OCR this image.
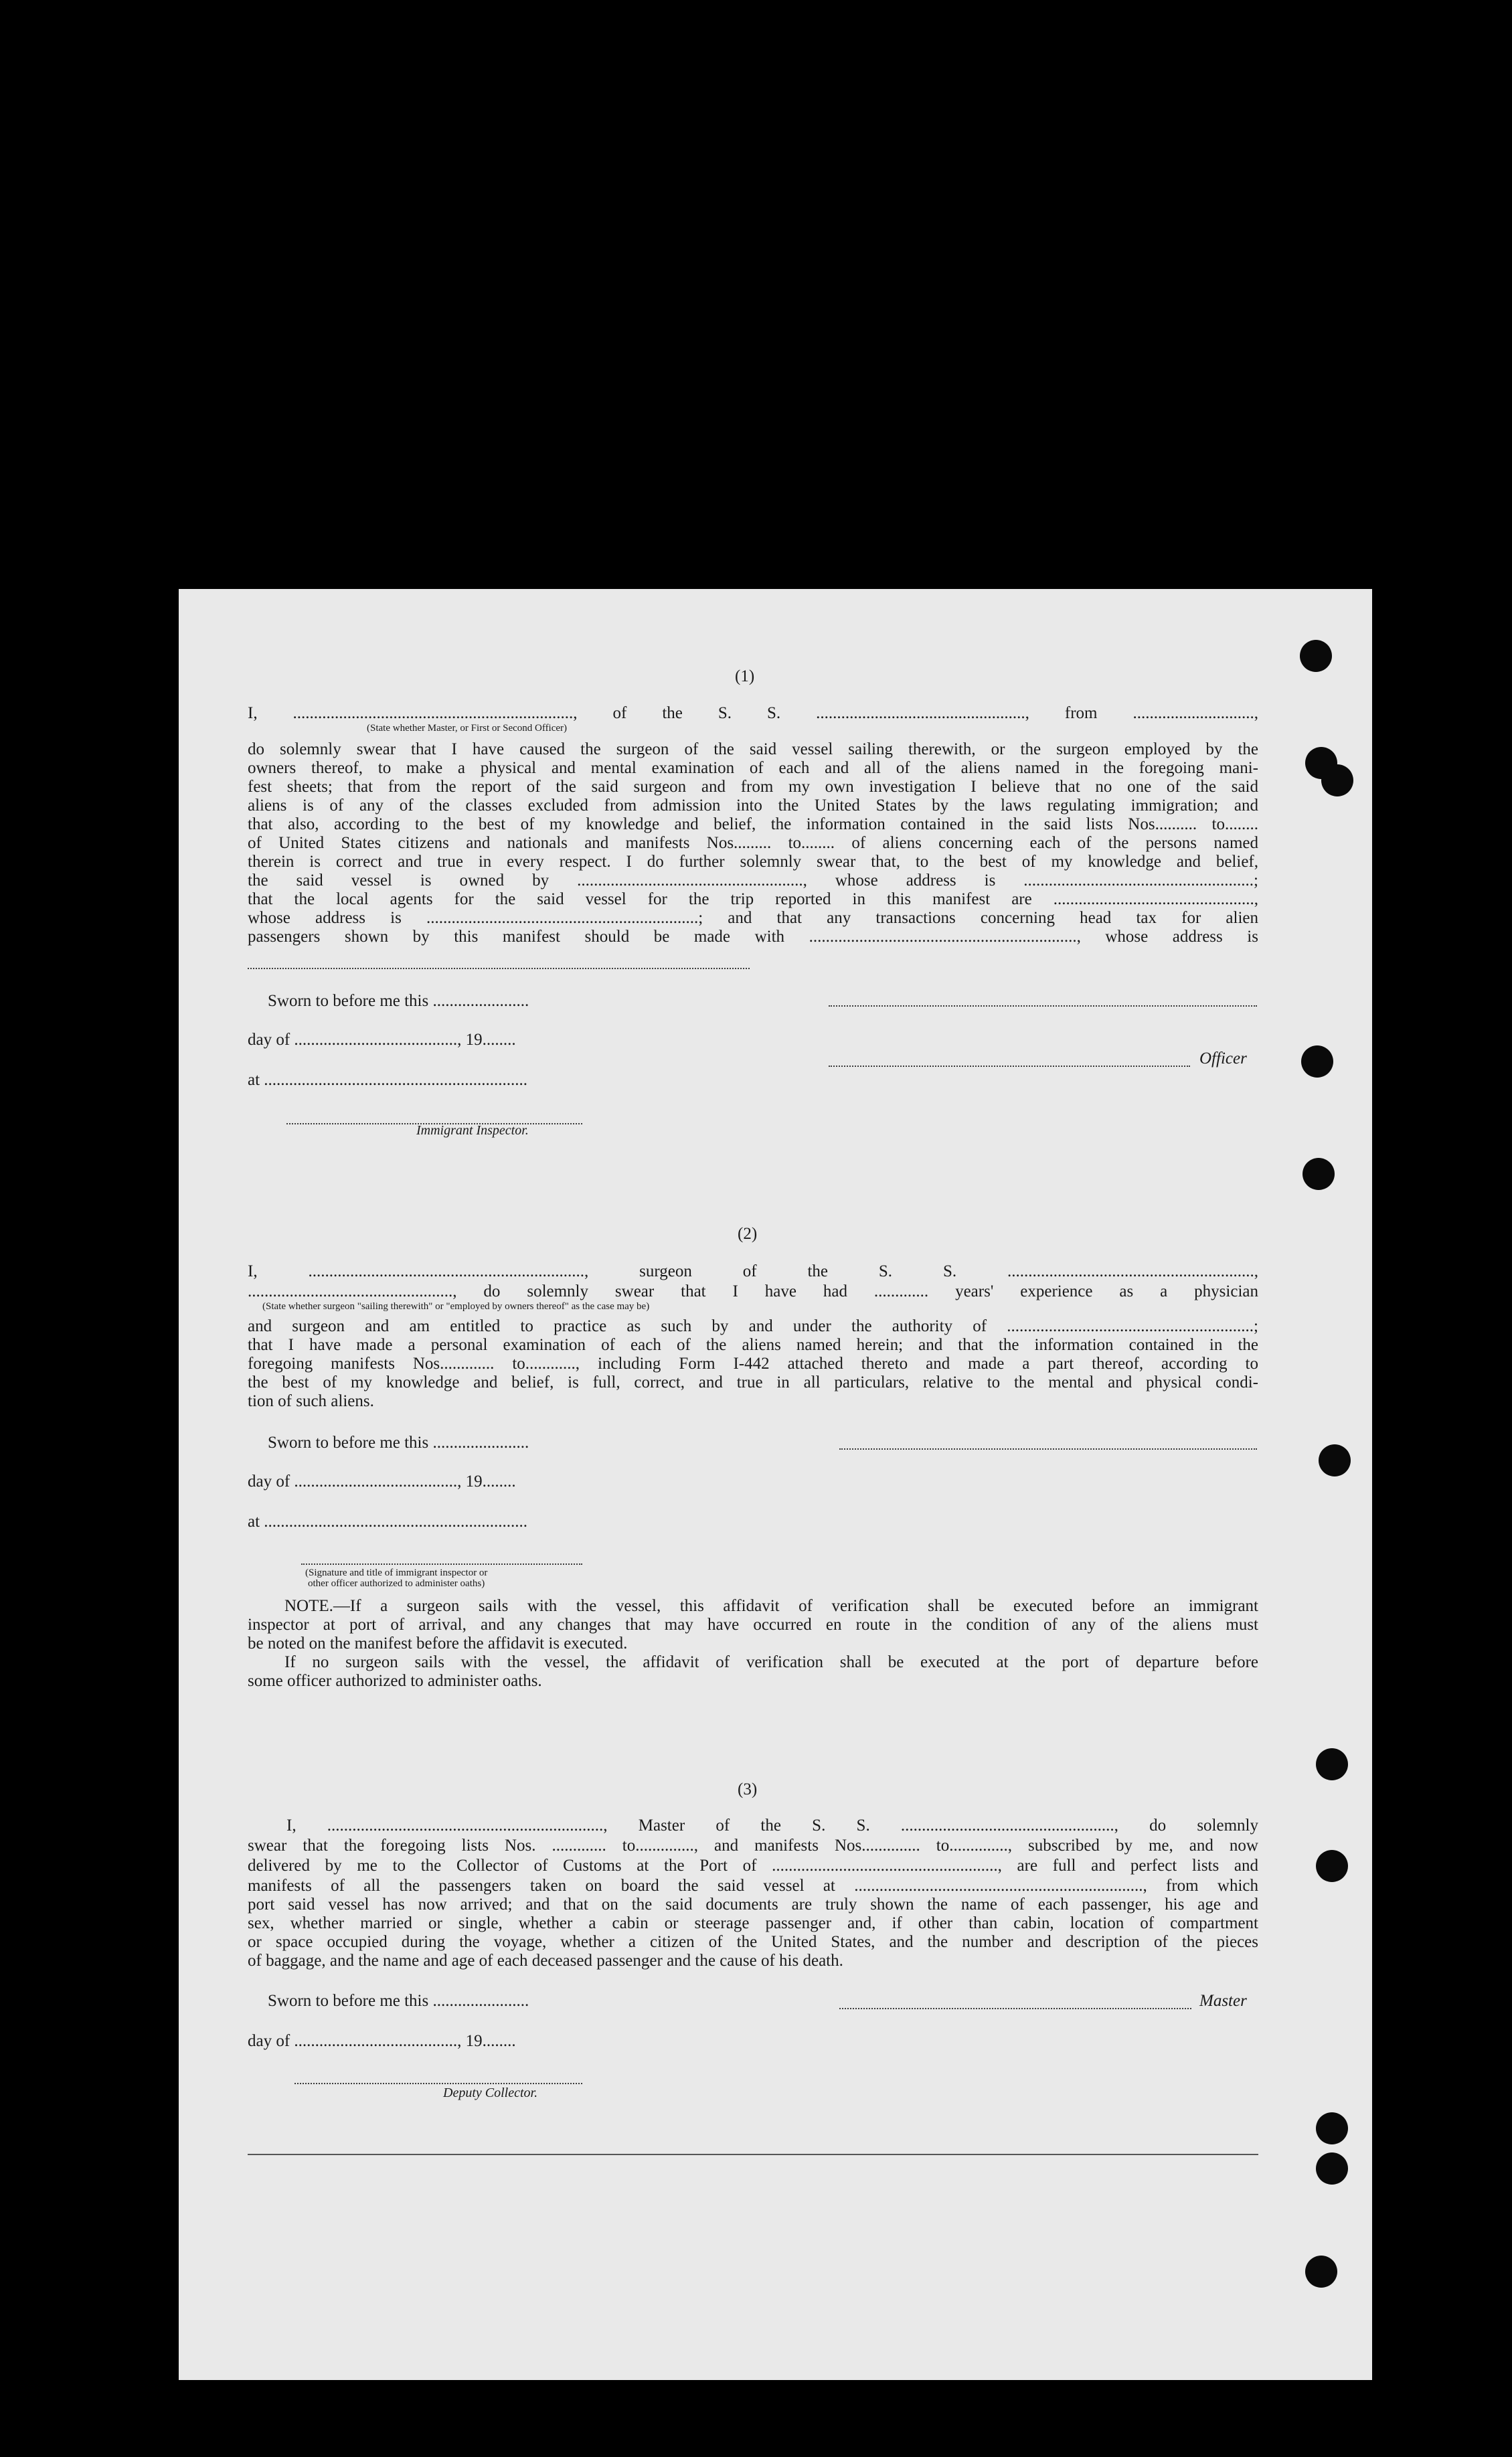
(1)
I, ..................................................................., of the S. S. .................................................., from .............................,
(State whether Master, or First or Second Officer)
do solemnly swear that I have caused the surgeon of the said vessel sailing therewith, or the surgeon employed by the
owners thereof, to make a physical and mental examination of each and all of the aliens named in the foregoing mani-
fest sheets; that from the report of the said surgeon and from my own investigation I believe that no one of the said
aliens is of any of the classes excluded from admission into the United States by the laws regulating immigration; and
that also, according to the best of my knowledge and belief, the information contained in the said lists Nos.......... to........
of United States citizens and nationals and manifests Nos......... to........ of aliens concerning each of the persons named
therein is correct and true in every respect. I do further solemnly swear that, to the best of my knowledge and belief,
the said vessel is owned by ......................................................, whose address is .......................................................;
that the local agents for the said vessel for the trip reported in this manifest are ................................................,
whose address is .................................................................; and that any transactions concerning head tax for alien
passengers shown by this manifest should be made with ................................................................, whose address is
Sworn to before me this .......................
day of ......................................., 19........
Officer
at ...............................................................
Immigrant Inspector.
(2)
I, .................................................................., surgeon of the S. S. ...........................................................,
................................................., do solemnly swear that I have had ............. years' experience as a physician
(State whether surgeon "sailing therewith" or "employed by owners thereof" as the case may be)
and surgeon and am entitled to practice as such by and under the authority of ...........................................................;
that I have made a personal examination of each of the aliens named herein; and that the information contained in the
foregoing manifests Nos............. to............, including Form I-442 attached thereto and made a part thereof, according to
the best of my knowledge and belief, is full, correct, and true in all particulars, relative to the mental and physical condi-
tion of such aliens.
Sworn to before me this .......................
day of ......................................., 19........
at ...............................................................
(Signature and title of immigrant inspector or
other officer authorized to administer oaths)
NOTE.—If a surgeon sails with the vessel, this affidavit of verification shall be executed before an immigrant
inspector at port of arrival, and any changes that may have occurred en route in the condition of any of the aliens must
be noted on the manifest before the affidavit is executed.
If no surgeon sails with the vessel, the affidavit of verification shall be executed at the port of departure before
some officer authorized to administer oaths.
(3)
I, .................................................................., Master of the S. S. ..................................................., do solemnly
swear that the foregoing lists Nos. ............. to.............., and manifests Nos.............. to.............., subscribed by me, and now
delivered by me to the Collector of Customs at the Port of ......................................................, are full and perfect lists and
manifests of all the passengers taken on board the said vessel at ....................................................................., from which
port said vessel has now arrived; and that on the said documents are truly shown the name of each passenger, his age and
sex, whether married or single, whether a cabin or steerage passenger and, if other than cabin, location of compartment
or space occupied during the voyage, whether a citizen of the United States, and the number and description of the pieces
of baggage, and the name and age of each deceased passenger and the cause of his death.
Sworn to before me this .......................	Master
day of ......................................., 19........
Deputy Collector.
